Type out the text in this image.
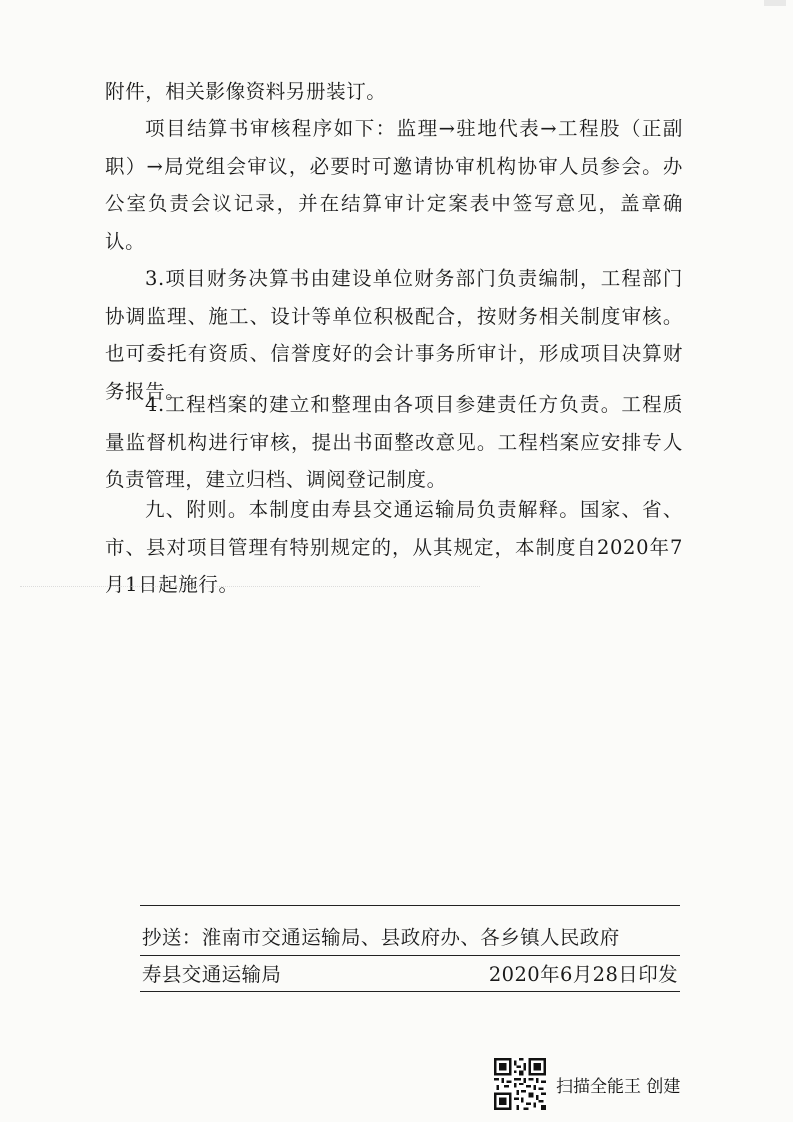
附件，相关影像资料另册装订。

项目结算书审核程序如下：监理→驻地代表→工程股（正副职）→局党组会审议，必要时可邀请协审机构协审人员参会。办公室负责会议记录，并在结算审计定案表中签写意见，盖章确认。

3.项目财务决算书由建设单位财务部门负责编制，工程部门协调监理、施工、设计等单位积极配合，按财务相关制度审核。也可委托有资质、信誉度好的会计事务所审计，形成项目决算财务报告。

4.工程档案的建立和整理由各项目参建责任方负责。工程质量监督机构进行审核，提出书面整改意见。工程档案应安排专人负责管理，建立归档、调阅登记制度。

九、附则。本制度由寿县交通运输局负责解释。国家、省、市、县对项目管理有特别规定的，从其规定，本制度自2020年7月1日起施行。

抄送：淮南市交通运输局、县政府办、各乡镇人民政府
寿县交通运输局	2020年6月28日印发
扫描全能王 创建
